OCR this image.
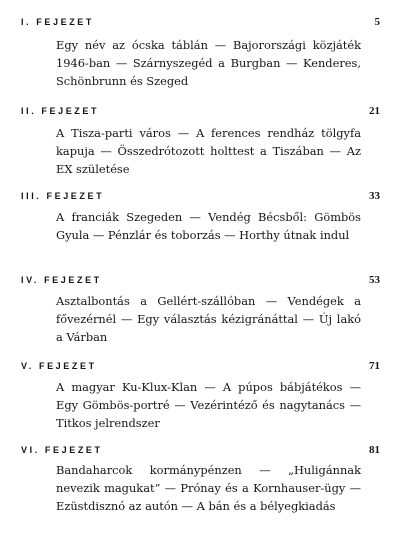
I. FEJEZET	5
Egy név az ócska táblán — Bajorországi közjáték 1946-ban — Szárnyszegéd a Burgban — Kenderes, Schönbrunn és Szeged
II. FEJEZET	21
A Tisza-parti város — A ferences rendház tölgyfa kapuja — Összedrótozott holttest a Tiszában — Az EX születése
III. FEJEZET	33
A franciák Szegeden — Vendég Bécsből: Gömbös Gyula — Pénzlár és toborzás — Horthy útnak indul
IV. FEJEZET	53
Asztalbontás a Gellért-szállóban — Vendégek a fővezérnél — Egy választás kézigránáttal — Új lakó a Várban
V. FEJEZET	71
A magyar Ku-Klux-Klan — A púpos bábjátékos — Egy Gömbös-portré — Vezérintéző és nagytanács — Titkos jelrendszer
VI. FEJEZET	81
Bandaharcok kormánypénzen — „Huligánnak nevezik magukat” — Prónay és a Kornhauser-ügy — Ezüstdisznó az autón — A bán és a bélyegkiadás
